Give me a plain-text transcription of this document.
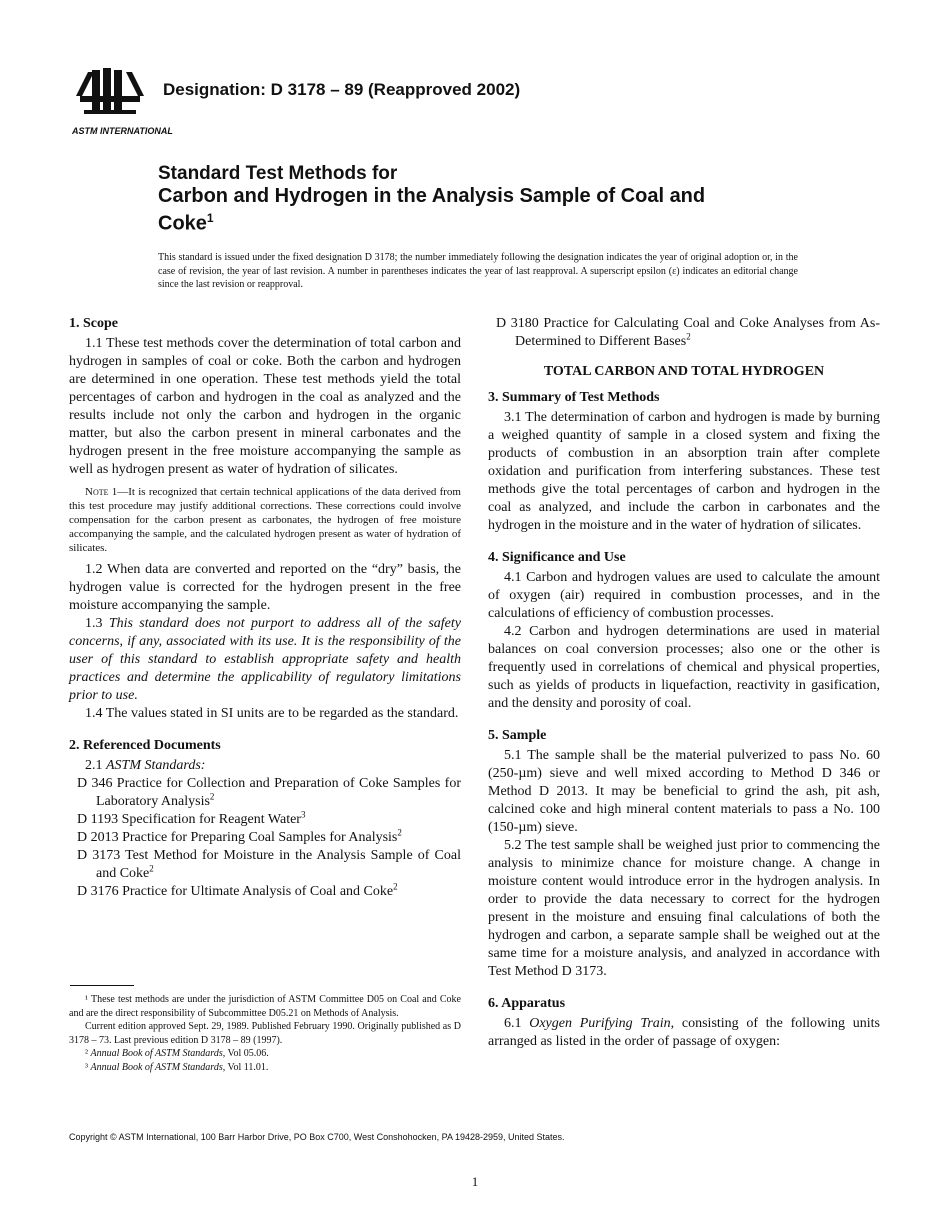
ASTM INTERNATIONAL
Designation: D 3178 – 89 (Reapproved 2002)
Standard Test Methods for
Carbon and Hydrogen in the Analysis Sample of Coal and
Coke$^1$
This standard is issued under the fixed designation D 3178; the number immediately following the designation indicates the year of original adoption or, in the case of revision, the year of last revision. A number in parentheses indicates the year of last reapproval. A superscript epsilon (ε) indicates an editorial change since the last revision or reapproval.

1. Scope

1.1 These test methods cover the determination of total carbon and hydrogen in samples of coal or coke. Both the carbon and hydrogen are determined in one operation. These test methods yield the total percentages of carbon and hydrogen in the coal as analyzed and the results include not only the carbon and hydrogen in the organic matter, but also the carbon present in mineral carbonates and the hydrogen present in the free moisture accompanying the sample as well as hydrogen present as water of hydration of silicates.

Note 1—It is recognized that certain technical applications of the data derived from this test procedure may justify additional corrections. These corrections could involve compensation for the carbon present as carbonates, the hydrogen of free moisture accompanying the sample, and the calculated hydrogen present as water of hydration of silicates.

1.2 When data are converted and reported on the “dry” basis, the hydrogen value is corrected for the hydrogen present in the free moisture accompanying the sample.

1.3 This standard does not purport to address all of the safety concerns, if any, associated with its use. It is the responsibility of the user of this standard to establish appropriate safety and health practices and determine the applicability of regulatory limitations prior to use.

1.4 The values stated in SI units are to be regarded as the standard.

2. Referenced Documents

2.1 ASTM Standards:

D 346 Practice for Collection and Preparation of Coke Samples for Laboratory Analysis$^2$

D 1193 Specification for Reagent Water$^3$

D 2013 Practice for Preparing Coal Samples for Analysis$^2$

D 3173 Test Method for Moisture in the Analysis Sample of Coal and Coke$^2$

D 3176 Practice for Ultimate Analysis of Coal and Coke$^2$

¹ These test methods are under the jurisdiction of ASTM Committee D05 on Coal and Coke and are the direct responsibility of Subcommittee D05.21 on Methods of Analysis.

Current edition approved Sept. 29, 1989. Published February 1990. Originally published as D 3178 – 73. Last previous edition D 3178 – 89 (1997).

² Annual Book of ASTM Standards, Vol 05.06.

³ Annual Book of ASTM Standards, Vol 11.01.

D 3180 Practice for Calculating Coal and Coke Analyses from As-Determined to Different Bases$^2$

TOTAL CARBON AND TOTAL HYDROGEN

3. Summary of Test Methods

3.1 The determination of carbon and hydrogen is made by burning a weighed quantity of sample in a closed system and fixing the products of combustion in an absorption train after complete oxidation and purification from interfering substances. These test methods give the total percentages of carbon and hydrogen in the coal as analyzed, and include the carbon in carbonates and the hydrogen in the moisture and in the water of hydration of silicates.

4. Significance and Use

4.1 Carbon and hydrogen values are used to calculate the amount of oxygen (air) required in combustion processes, and in the calculations of efficiency of combustion processes.

4.2 Carbon and hydrogen determinations are used in material balances on coal conversion processes; also one or the other is frequently used in correlations of chemical and physical properties, such as yields of products in liquefaction, reactivity in gasification, and the density and porosity of coal.

5. Sample

5.1 The sample shall be the material pulverized to pass No. 60 (250-µm) sieve and well mixed according to Method D 346 or Method D 2013. It may be beneficial to grind the ash, pit ash, calcined coke and high mineral content materials to pass a No. 100 (150-µm) sieve.

5.2 The test sample shall be weighed just prior to commencing the analysis to minimize chance for moisture change. A change in moisture content would introduce error in the hydrogen analysis. In order to provide the data necessary to correct for the hydrogen present in the moisture and ensuing final calculations of both the hydrogen and carbon, a separate sample shall be weighed out at the same time for a moisture analysis, and analyzed in accordance with Test Method D 3173.

6. Apparatus

6.1 Oxygen Purifying Train, consisting of the following units arranged as listed in the order of passage of oxygen:

Copyright © ASTM International, 100 Barr Harbor Drive, PO Box C700, West Conshohocken, PA 19428-2959, United States.
1
